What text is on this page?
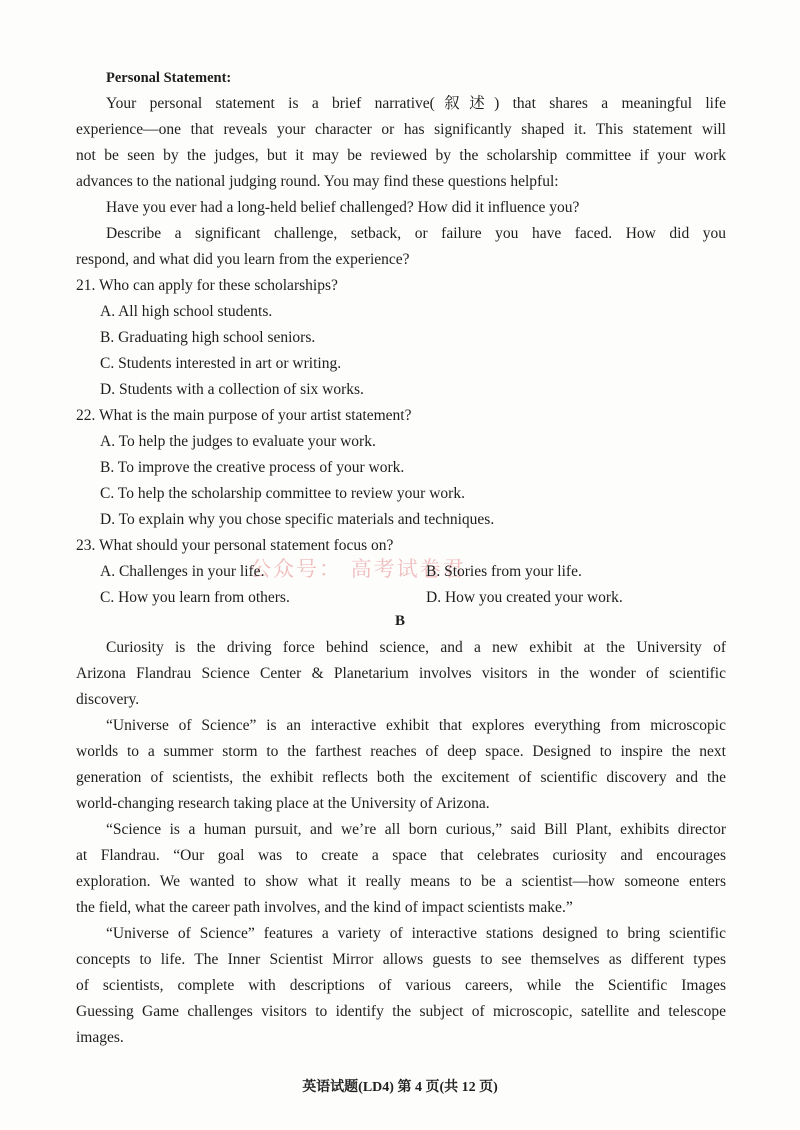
Personal Statement:
Your personal statement is a brief narrative(叙述) that shares a meaningful life
experience—one that reveals your character or has significantly shaped it. This statement will
not be seen by the judges, but it may be reviewed by the scholarship committee if your work
advances to the national judging round. You may find these questions helpful:
Have you ever had a long-held belief challenged? How did it influence you?
Describe a significant challenge, setback, or failure you have faced. How did you
respond, and what did you learn from the experience?
21. Who can apply for these scholarships?
A. All high school students.
B. Graduating high school seniors.
C. Students interested in art or writing.
D. Students with a collection of six works.
22. What is the main purpose of your artist statement?
A. To help the judges to evaluate your work.
B. To improve the creative process of your work.
C. To help the scholarship committee to review your work.
D. To explain why you chose specific materials and techniques.
23. What should your personal statement focus on?
公众号： 高考试卷君
A. Challenges in your life.	B. Stories from your life.
C. How you learn from others.	D. How you created your work.
B
Curiosity is the driving force behind science, and a new exhibit at the University of
Arizona Flandrau Science Center & Planetarium involves visitors in the wonder of scientific
discovery.
“Universe of Science” is an interactive exhibit that explores everything from microscopic
worlds to a summer storm to the farthest reaches of deep space. Designed to inspire the next
generation of scientists, the exhibit reflects both the excitement of scientific discovery and the
world-changing research taking place at the University of Arizona.
“Science is a human pursuit, and we’re all born curious,” said Bill Plant, exhibits director
at Flandrau. “Our goal was to create a space that celebrates curiosity and encourages
exploration. We wanted to show what it really means to be a scientist—how someone enters
the field, what the career path involves, and the kind of impact scientists make.”
“Universe of Science” features a variety of interactive stations designed to bring scientific
concepts to life. The Inner Scientist Mirror allows guests to see themselves as different types
of scientists, complete with descriptions of various careers, while the Scientific Images
Guessing Game challenges visitors to identify the subject of microscopic, satellite and telescope
images.
英语试题(LD4) 第 4 页(共 12 页)
